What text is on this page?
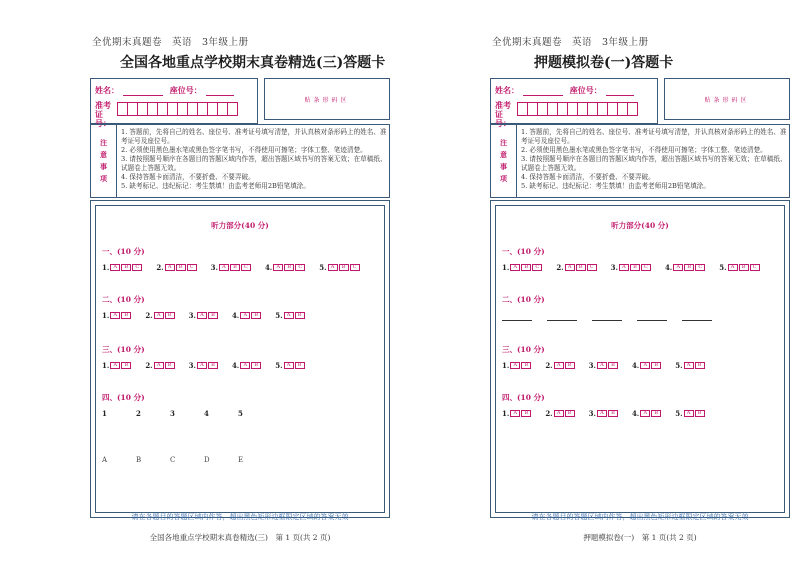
全优期末真题卷　英语　3年级上册
全国各地重点学校期末真卷精选(三)答题卡
姓名：	座位号：
准考证号：
贴条形码区
注
意
事
项
1. 答题前，先将自己的姓名、座位号、准考证号填写清楚，并认真核对条形码上的姓名、准考证号及座位号。
2. 必须使用黑色墨水笔或黑色签字笔书写，不得使用可擦笔；字体工整、笔迹清楚。
3. 请按照题号顺序在各题目的答题区域内作答，超出答题区域书写的答案无效；在草稿纸、试题卷上答题无效。
4. 保持答题卡面清洁，不要折叠、不要弄破。
5. 缺考标记、违纪标记：考生禁填！由监考老师用2B铅笔填涂。
听力部分(40 分)
一、(10 分)
1. A	B	C	2. A	B	C	3. A	B	C	4. A	B	C	5. A	B	C
二、(10 分)
1. A	B	2. A	B	3. A	B	4. A	B	5. A	B
三、(10 分)
1. A	B	2. A	B	3. A	B	4. A	B	5. A	B
四、(10 分)
1	2	3	4	5
A	B	C	D	E
请在各题目的答题区域内作答，超出黑色矩形边框限定区域的答案无效
全国各地重点学校期末真卷精选(三)　第 1 页(共 2 页)
全优期末真题卷　英语　3年级上册
押题模拟卷(一)答题卡
姓名：	座位号：
准考证号：
贴条形码区
注
意
事
项
1. 答题前，先将自己的姓名、座位号、准考证号填写清楚，并认真核对条形码上的姓名、准考证号及座位号。
2. 必须使用黑色墨水笔或黑色签字笔书写，不得使用可擦笔；字体工整、笔迹清楚。
3. 请按照题号顺序在各题目的答题区域内作答，超出答题区域书写的答案无效；在草稿纸、试题卷上答题无效。
4. 保持答题卡面清洁，不要折叠、不要弄破。
5. 缺考标记、违纪标记：考生禁填！由监考老师用2B铅笔填涂。
听力部分(40 分)
一、(10 分)
1. A	B	C	2. A	B	C	3. A	B	C	4. A	B	C	5. A	B	C
二、(10 分)
三、(10 分)
1. A	B	2. A	B	3. A	B	4. A	B	5. A	B
四、(10 分)
1. A	B	2. A	B	3. A	B	4. A	B	5. A	B
请在各题目的答题区域内作答，超出黑色矩形边框限定区域的答案无效
押题模拟卷(一)　第 1 页(共 2 页)
